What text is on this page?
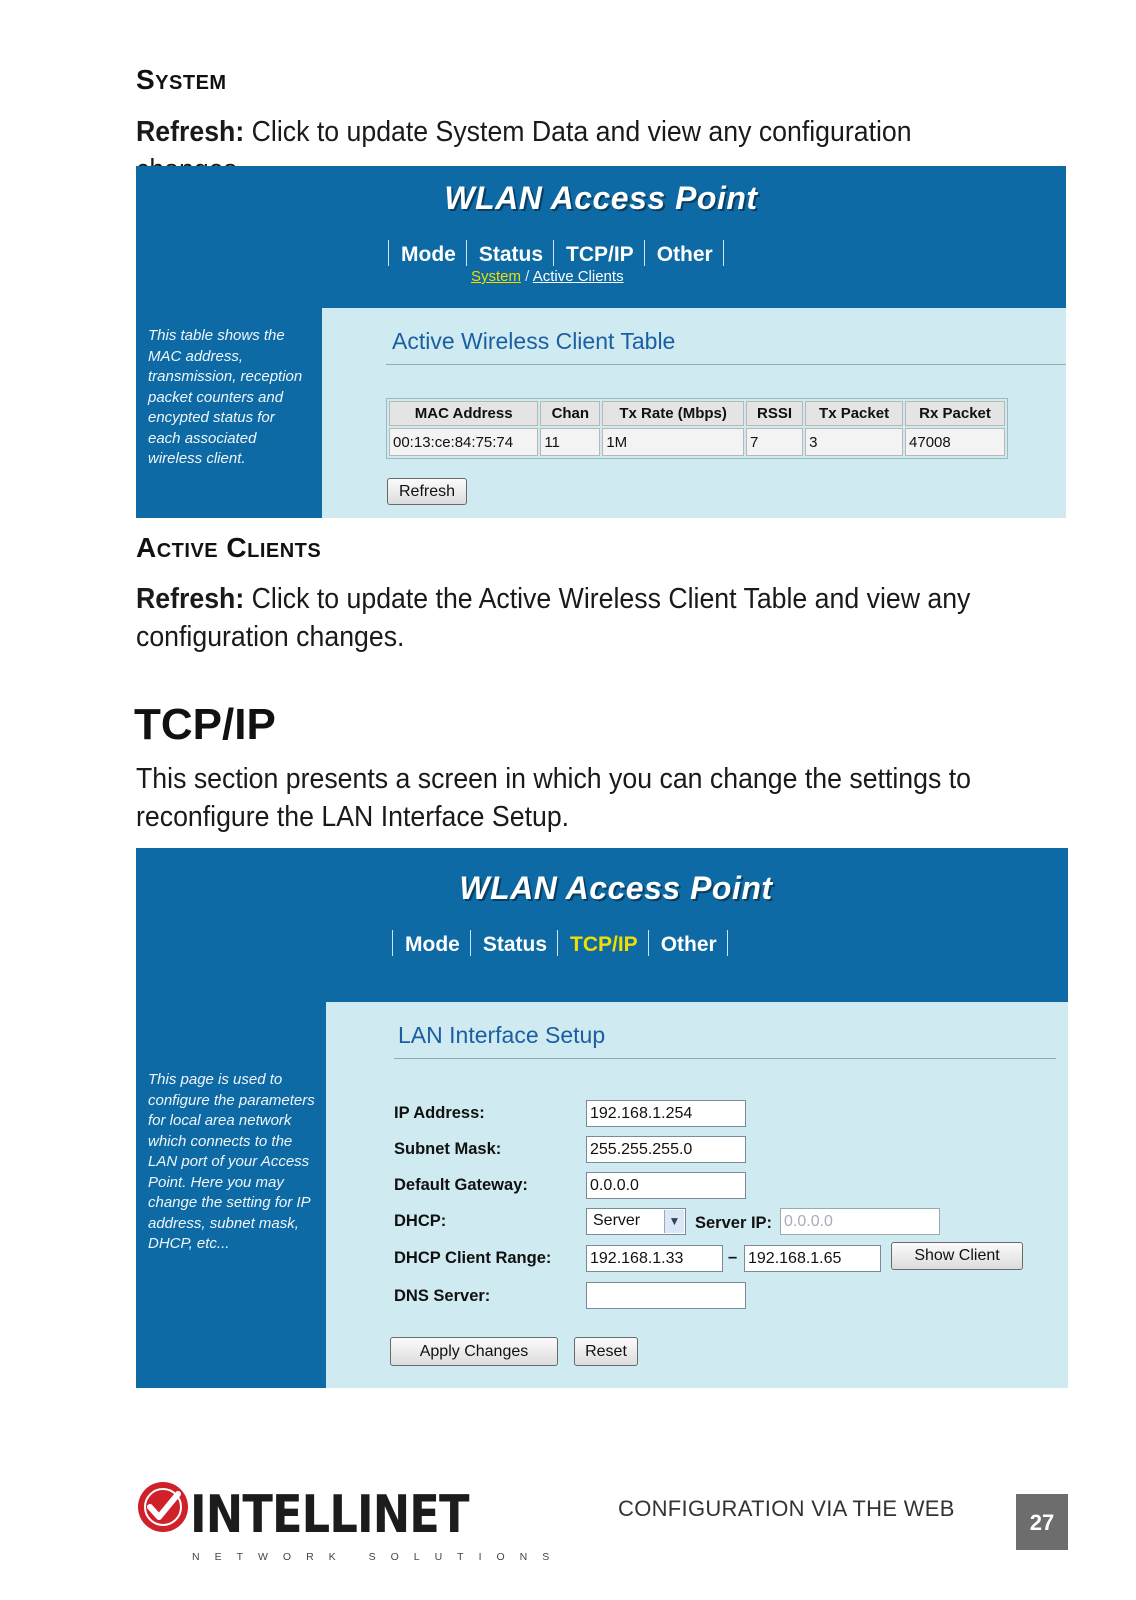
System
Refresh: Click to update System Data and view any configuration
WLAN Access Point
Mode	Status	TCP/IP	Other
System / Active Clients
This table shows the MAC address, transmission, reception packet counters and encypted status for each associated wireless client.
Active Wireless Client Table
MAC Address	Chan	Tx Rate (Mbps)	RSSI	Tx Packet	Rx Packet
00:13:ce:84:75:74	11	1M	7	3	47008
Refresh
Active Clients
Refresh: Click to update the Active Wireless Client Table and view any configuration changes.
TCP/IP
This section presents a screen in which you can change the settings to reconfigure the LAN Interface Setup.
WLAN Access Point
Mode	Status	TCP/IP	Other
This page is used to configure the parameters for local area network which connects to the LAN port of your Access Point. Here you may change the setting for IP address, subnet mask, DHCP, etc...
LAN Interface Setup
IP Address:	192.168.1.254
Subnet Mask:	255.255.255.0
Default Gateway:	0.0.0.0
DHCP:	Server	▼ Server IP: 0.0.0.0
DHCP Client Range: 192.168.1.33	– 192.168.1.65	Show Client
DNS Server:
Apply Changes	Reset
INTELLINET
NETWORK SOLUTIONS
CONFIGURATION VIA THE WEB
27
